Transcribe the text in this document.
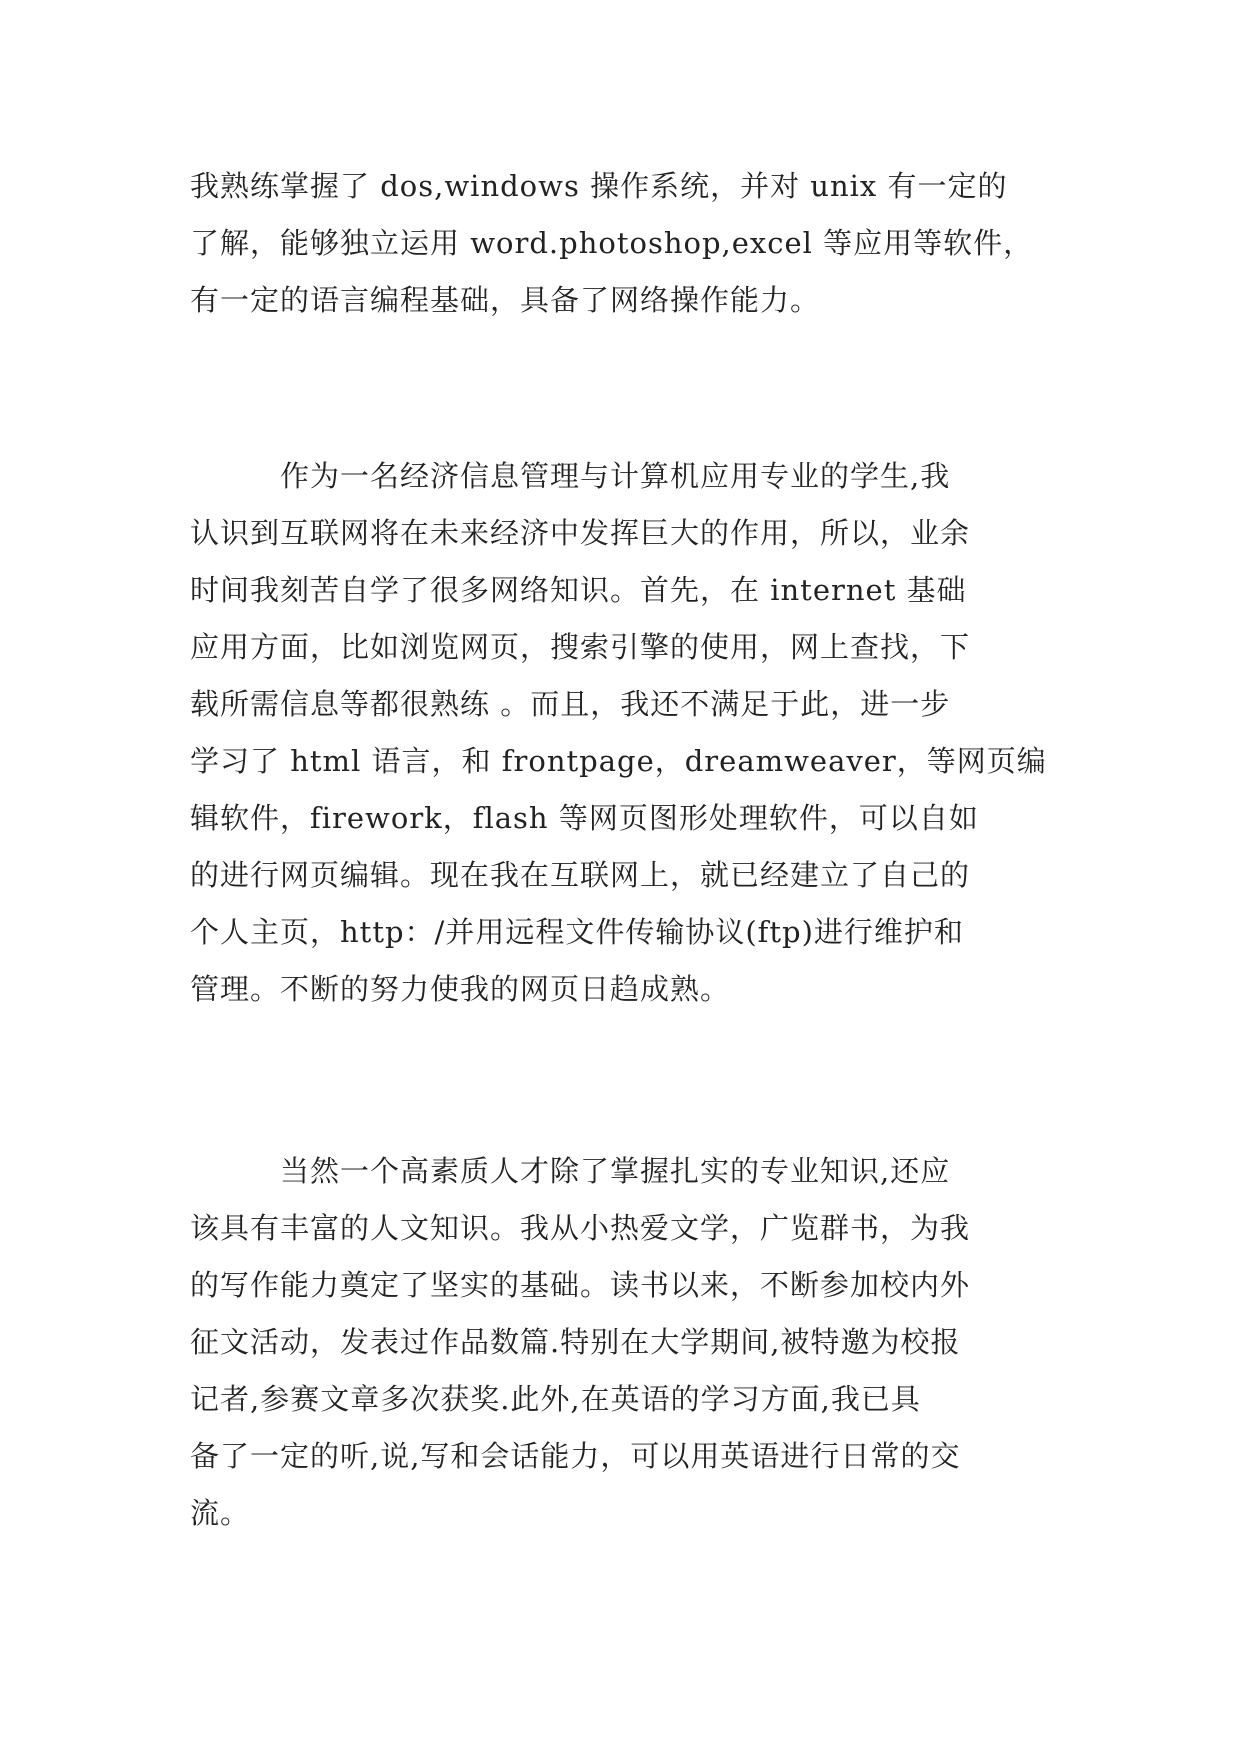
我熟练掌握了 dos,windows 操作系统，并对 unix 有一定的
了解，能够独立运用 word.photoshop,excel 等应用等软件，
有一定的语言编程基础，具备了网络操作能力。
　　　作为一名经济信息管理与计算机应用专业的学生,我
认识到互联网将在未来经济中发挥巨大的作用，所以，业余
时间我刻苦自学了很多网络知识。首先，在 internet 基础
应用方面，比如浏览网页，搜索引擎的使用，网上查找，下
载所需信息等都很熟练 。而且，我还不满足于此，进一步
学习了 html 语言，和 frontpage，dreamweaver，等网页编
辑软件，firework，flash 等网页图形处理软件，可以自如
的进行网页编辑。现在我在互联网上，就已经建立了自己的
个人主页，http：/并用远程文件传输协议(ftp)进行维护和
管理。不断的努力使我的网页日趋成熟。
　　　当然一个高素质人才除了掌握扎实的专业知识,还应
该具有丰富的人文知识。我从小热爱文学，广览群书，为我
的写作能力奠定了坚实的基础。读书以来，不断参加校内外
征文活动，发表过作品数篇.特别在大学期间,被特邀为校报
记者,参赛文章多次获奖.此外,在英语的学习方面,我已具
备了一定的听,说,写和会话能力，可以用英语进行日常的交
流。
